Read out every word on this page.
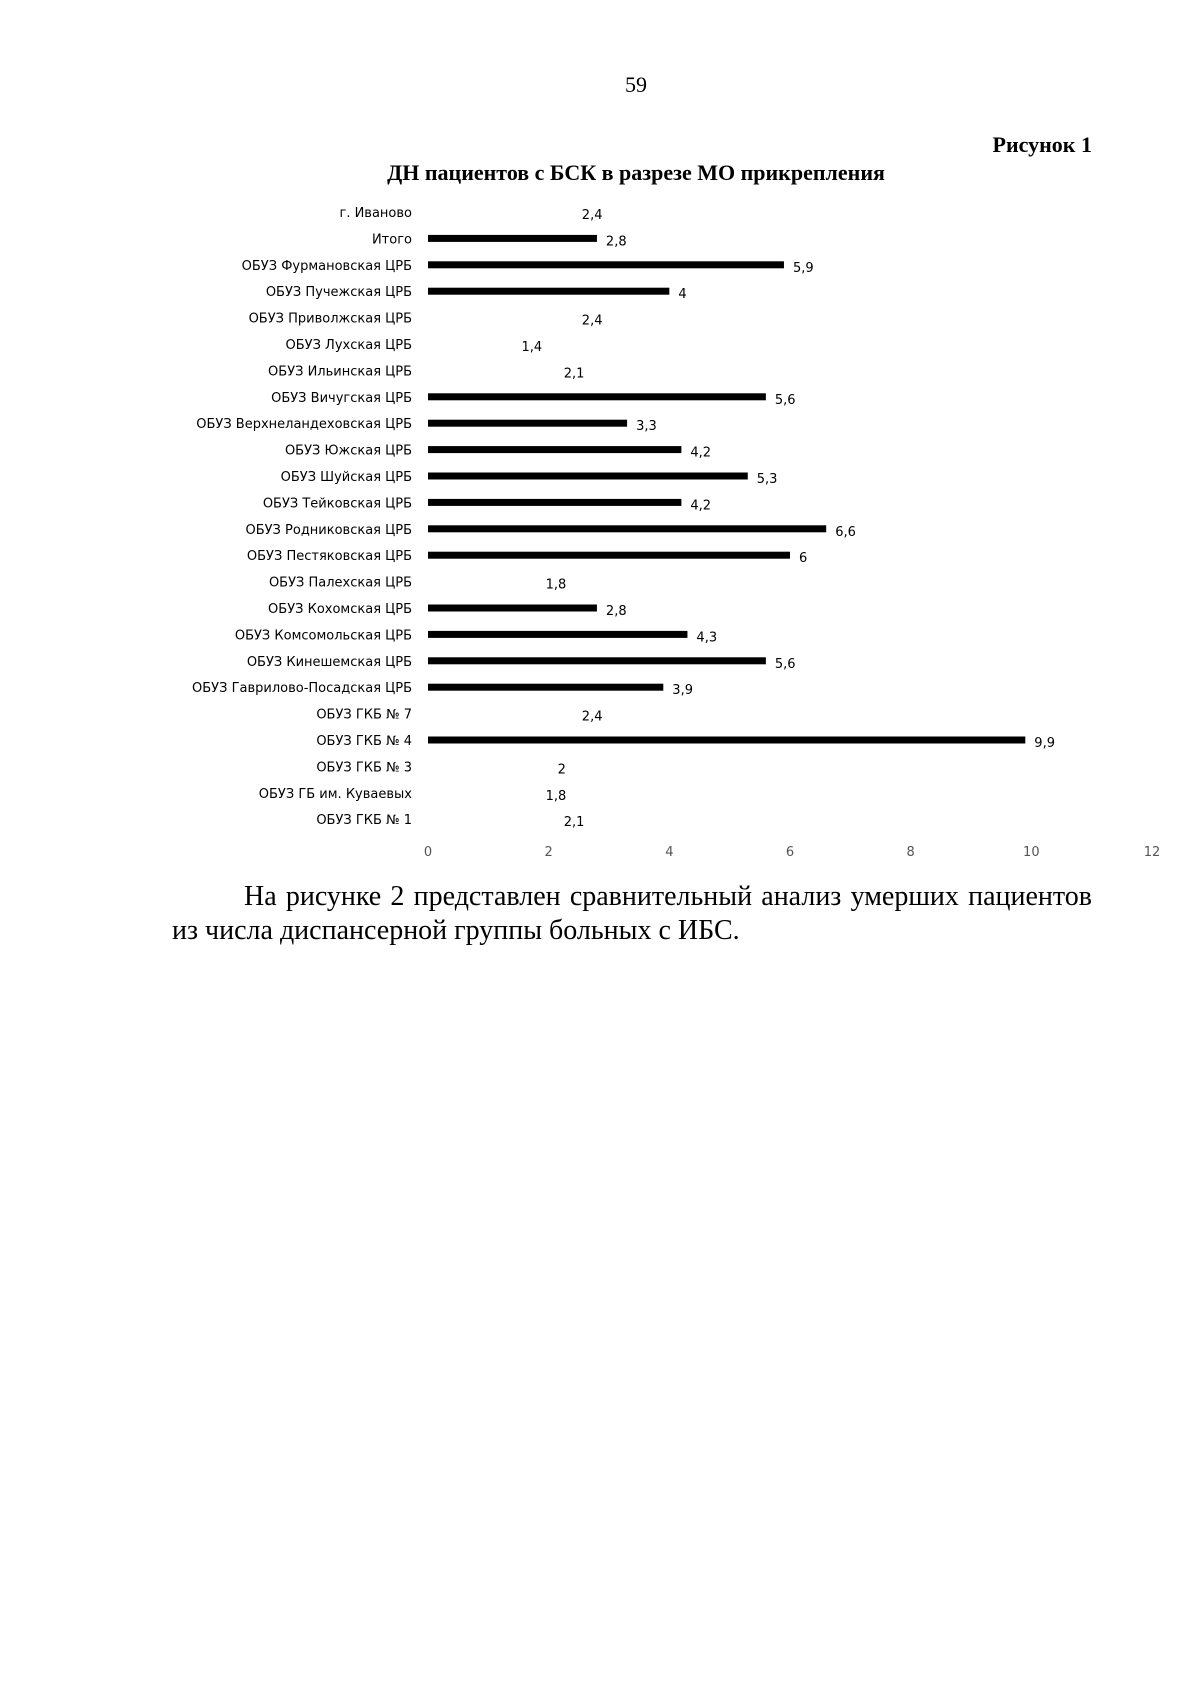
59
Рисунок 1
ДН пациентов с БСК в разрезе МО прикрепления
г. Иваново	2,4
Итого	2,8
ОБУЗ Фурмановская ЦРБ	5,9
ОБУЗ Пучежская ЦРБ	4
ОБУЗ Приволжская ЦРБ	2,4
ОБУЗ Лухская ЦРБ	1,4
ОБУЗ Ильинская ЦРБ	2,1
ОБУЗ Вичугская ЦРБ	5,6
ОБУЗ Верхнеландеховская ЦРБ	3,3
ОБУЗ Южская ЦРБ	4,2
ОБУЗ Шуйская ЦРБ	5,3
ОБУЗ Тейковская ЦРБ	4,2
ОБУЗ Родниковская ЦРБ	6,6
ОБУЗ Пестяковская ЦРБ	6
ОБУЗ Палехская ЦРБ	1,8
ОБУЗ Кохомская ЦРБ	2,8
ОБУЗ Комсомольская ЦРБ	4,3
ОБУЗ Кинешемская ЦРБ	5,6
ОБУЗ Гаврилово-Посадская ЦРБ	3,9
ОБУЗ ГКБ № 7	2,4
ОБУЗ ГКБ № 4	9,9
ОБУЗ ГКБ № 3	2
ОБУЗ ГБ им. Куваевых	1,8
ОБУЗ ГКБ № 1	2,1
0	2	4	6	8	10	12
На рисунке 2 представлен сравнительный анализ умерших пациентов из числа диспансерной группы больных с ИБС.
